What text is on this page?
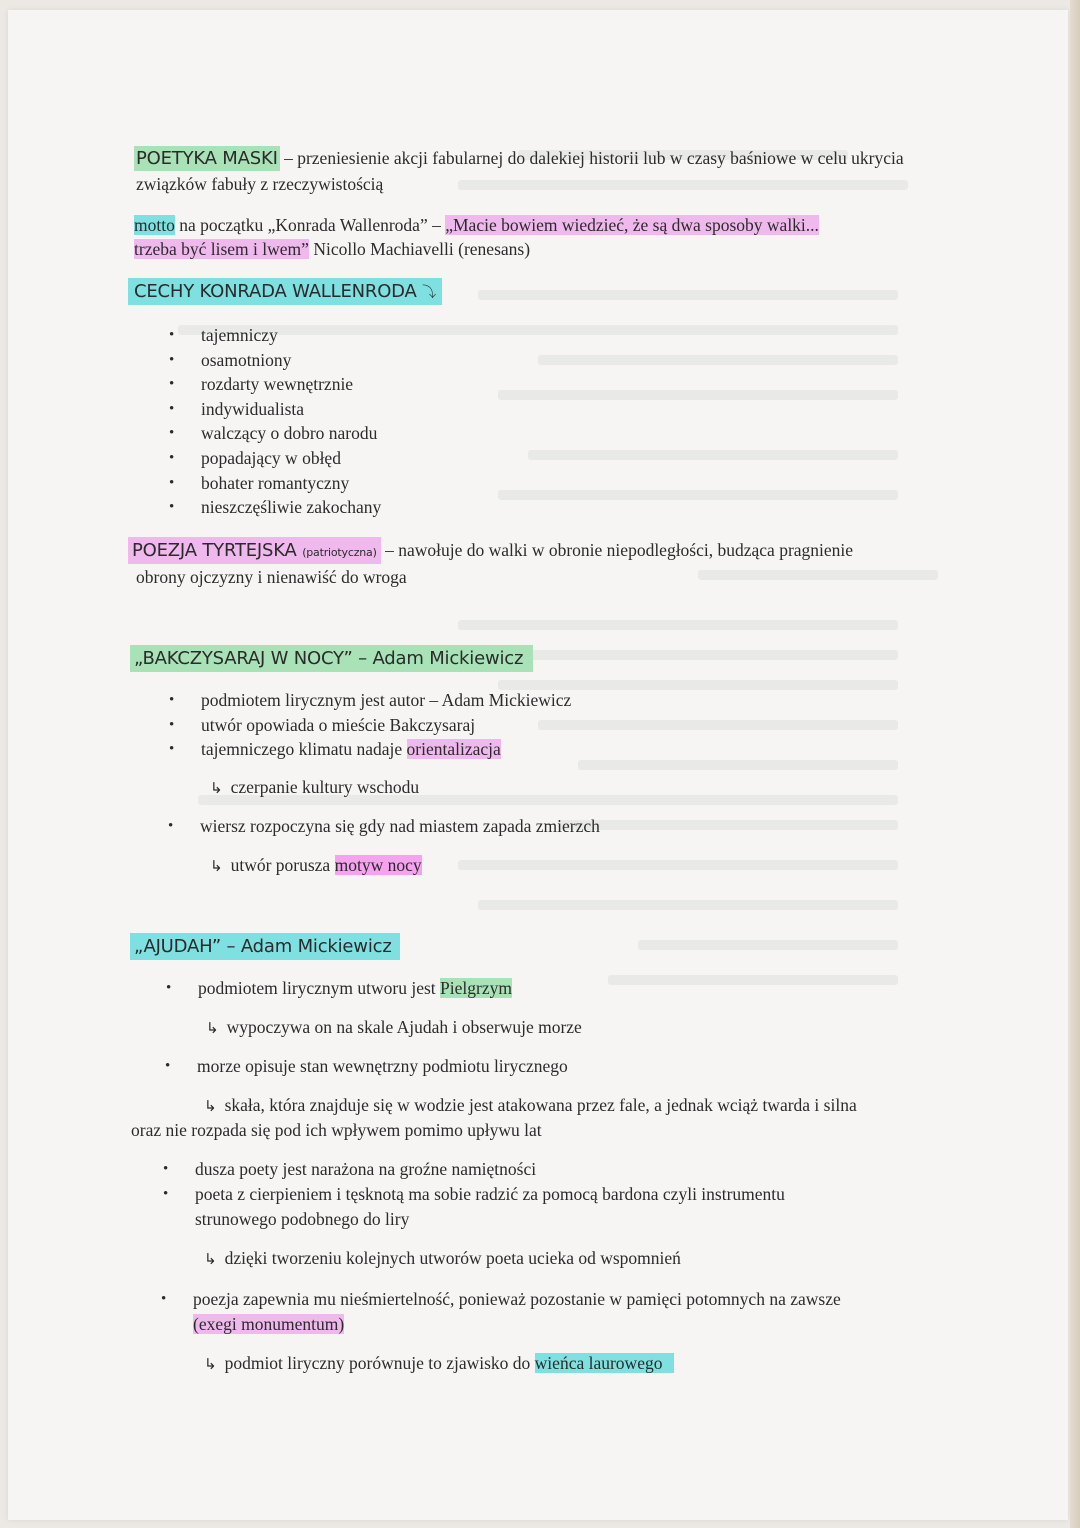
POETYKA MASKI – przeniesienie akcji fabularnej do dalekiej historii lub w czasy baśniowe w celu ukrycia
związków fabuły z rzeczywistością
motto na początku „Konrada Wallenroda” – „Macie bowiem wiedzieć, że są dwa sposoby walki...
trzeba być lisem i lwem” Nicollo Machiavelli (renesans)
CECHY KONRADA WALLENRODA ⤵
• tajemniczy
• osamotniony
• rozdarty wewnętrznie
• indywidualista
• walczący o dobro narodu
• popadający w obłęd
• bohater romantyczny
• nieszczęśliwie zakochany
POEZJA TYRTEJSKA (patriotyczna) – nawołuje do walki w obronie niepodległości, budząca pragnienie
obrony ojczyzny i nienawiść do wroga
„BAKCZYSARAJ W NOCY” – Adam Mickiewicz
• podmiotem lirycznym jest autor – Adam Mickiewicz
• utwór opowiada o mieście Bakczysaraj
• tajemniczego klimatu nadaje orientalizacja
↳ czerpanie kultury wschodu
• wiersz rozpoczyna się gdy nad miastem zapada zmierzch
↳ utwór porusza motyw nocy
„AJUDAH” – Adam Mickiewicz
• podmiotem lirycznym utworu jest Pielgrzym
↳ wypoczywa on na skale Ajudah i obserwuje morze
• morze opisuje stan wewnętrzny podmiotu lirycznego
↳ skała, która znajduje się w wodzie jest atakowana przez fale, a jednak wciąż twarda i silna
oraz nie rozpada się pod ich wpływem pomimo upływu lat
• dusza poety jest narażona na groźne namiętności
• poeta z cierpieniem i tęsknotą ma sobie radzić za pomocą bardona czyli instrumentu
strunowego podobnego do liry
↳ dzięki tworzeniu kolejnych utworów poeta ucieka od wspomnień
• poezja zapewnia mu nieśmiertelność, ponieważ pozostanie w pamięci potomnych na zawsze
(exegi monumentum)
↳ podmiot liryczny porównuje to zjawisko do wieńca laurowego
